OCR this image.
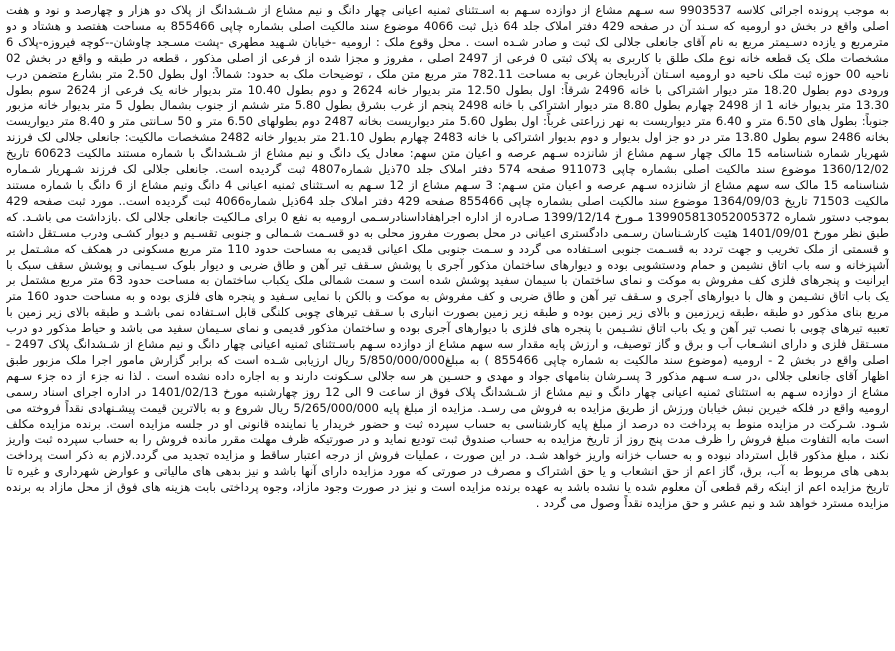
به موجب پرونده اجرائی کلاسه 9903537 سه سـهم مشاع از دوازده سـهم به اسـتثنای ثمنیه اعیانی چهار دانگ و نیم مشاع از شـشدانگ از پلاک دو هزار و چهارصد و نود و هفت اصلی واقع در بخش دو ارومیه که سـند آن در صفحه 429 دفتر املاک جلد 64 ذیل ثبت 4066 موضوع سند مالکیت اصلی بشماره چاپی 855466 به مساحت هفتصد و هشتاد و دو مترمربع و یازده دسـیمتر مربع به نام آقای جانعلی جلالی لک ثبت و صادر شـده است . محل وقوع ملک : ارومیه -خیابان شـهید مطهری -پشت مسـجد چاوشان--کوچه فیروزه-پلاک 6 مشخصات ملک یک قطعه خانه نوع ملک طلق با کاربری به پلاک ثبتی 0 فرعی از 2497 اصلی ، مفروز و مجزا شده از فرعی از اصلی مذکور ، قطعه در طبقه و واقع در بخش 02 ناحیه 00 حوزه ثبت ملک ناحیه دو ارومیه اسـتان آذربایجان غربی به مساحت 782.11 متر مربع متن ملک ، توضیحات ملک به حدود: شمالاً: اول بطول 2.50 متر بشارع متضمن درب ورودی دوم بطول 18.20 متر دیوار اشتراکی با خانه 2496 شرقاً: اول بطول 12.50 متر بدیوار خانه 2624 و دوم بطول 10.40 متر بدیوار خانه یک فرعی از 2624 سوم بطول 13.30 متر بدیوار خانه 1 از 2498 چهارم بطول 8.80 متر دیوار اشتراکی با خانه 2498 پنجم از غرب بشرق بطول 5.80 متر ششم از جنوب بشمال بطول 5 متر بدیوار خانه مزبور جنوباً: بطول های 6.50 متر و 6.40 متر دیواریست به نهر زراعتی غرباً: اول بطول 5.60 متر دیواریست بخانه 2487 دوم بطولهای 6.50 متر و 50 سـانتی متر و 8.40 متر دیواریست بخانه 2486 سوم بطول 13.80 متر در دو جز اول بدیوار و دوم بدیوار اشتراکی با خانه 2483 چهارم بطول 21.10 متر بدیوار خانه 2482 مشخصات مالکیت: جانعلی جلالی لک فرزند شهریار شماره شناسنامه 15 مالک چهار سـهم مشاع از شانزده سـهم عرصه و اعیان متن سهم: معادل یک دانگ و نیم مشاع از شـشدانگ با شماره مستند مالکیت 60623 تاریخ 1360/12/02 موضوع سند مالکیت اصلی بشماره چاپی 911073 صفحه 574 دفتر املاک جلد 70ذیل شماره4807 ثبت گردیده است. جانعلی جلالی لک فرزند شـهریار شـماره شناسنامه 15 مالک سه سهم مشاع از شانزده سـهم عرصه و اعیان متن سـهم: 3 سـهم مشاع از 12 سـهم به اسـتثنای ثمنیه اعیانی 4 دانگ ونیم مشاع از 6 دانگ با شماره مستند مالکیت 71503 تاریخ 1364/09/03 موضوع سند مالکیت اصلی بشماره چاپی 855466 صفحه 429 دفتر املاک جلد 64ذیل شماره4066 ثبت گردیده است.. مورد ثبت صفحه 429 بموجب دستور شماره 139905813052005372 مـورخ 1399/12/14 صـادره از اداره اجراهفاداسنادرسـمی ارومیه به نفع 0 برای مـالکیت جانعلی جلالی لک .بازداشت می باشـد. که طبق نظر مورخ 1401/09/01 هئیت کارشـناسان رسـمی دادگستری اعیانی در محل بصورت مفروز محلی به دو قسـمت شـمالی و جنوبی تقسـیم و دیوار کشـی ودرب مسـتقل داشته و قسمتی از ملک تخریب و جهت تردد به قسـمت جنوبی اسـتفاده می گردد و سـمت جنوبی ملک اعیانی قدیمی به مساحت حدود 110 متر مربع مسکونی در همکف که مشـتمل بر آشپزخانه و سه باب اتاق نشیمن و حمام ودستشویی بوده و دیوارهای ساختمان مذکور آجری با پوشش سـقف تیر آهن و طاق ضربی و دیوار بلوک سـیمانی و پوشش سقف سبک با ایرانیت و پنجرهای فلزی کف مفروش به موکت و نمای ساختمان با سیمان سفید پوشش شده است و سمت شمالی ملک یکباب ساختمان به مساحت حدود 63 متر مربع مشتمل بر یک باب اتاق نشـیمن و هال با دیوارهای آجری و سـقف تیر آهن و طاق ضربی و کف مفروش به موکت و بالکن با نمایی سـفید و پنجره های فلزی بوده و به مساحت حدود 160 متر مربع بنای مذکور دو طبقه ،طبقه زیرزمین و بالای زیر زمین بوده و طبقه زیر زمین بصورت انباری با سـقف تیرهای چوبی کلنگی قابل اسـتفاده نمی باشـد و طبقه بالای زیر زمین با تعبیه تیرهای چوبی با نصب تیر آهن و یک باب اتاق نشـیمن با پنجره های فلزی با دیوارهای آجری بوده و ساختمان مذکور قدیمی و نمای سـیمان سفید می باشد و حیاط مذکور دو درب مسـتقل فلزی و دارای انشـعاب آب و برق و گاز توصیف، و ارزش پایه مقدار سه سهم مشاع از دوازده سـهم باسـتثنای ثمنیه اعیانی چهار دانگ و نیم مشاع از شـشدانگ پلاک 2497 - اصلی واقع در بخش 2 - ارومیه (موضوع سند مالکیت به شماره چاپی 855466 ) به مبلغ5/850/000/000 ریال ارزیابی شـده است که برابر گزارش مامور اجرا ملک مزبور طبق اظهار آقای جانعلی جلالی ،در سـه سـهم مذکور 3 پسـرشان بنامهای جواد و مهدی و حسـین هر سه جلالی سـکونت دارند و به اجاره داده نشده است . لذا نه جزء از ده جزء سـهم مشاع از دوازده سـهم به استثنای ثمنیه اعیانی چهار دانگ و نیم مشاع از شـشدانگ پلاک فوق از ساعت 9 الی 12 روز چهارشنبه مورخ 1401/02/13 در اداره اجرای اسناد رسمی ارومیه واقع در فلکه خیرین نبش خیابان ورزش از طریق مزایده به فروش می رسـد. مزایده از مبلغ پایه 5/265/000/000 ریال شروع و به بالاترین قیمت پیشـنهادی نقداً فروخته می شـود. شـرکت در مزایده منوط به پرداخت ده درصد از مبلغ پایه کارشناسی به حساب سپرده ثبت و حضور خریدار یا نماینده قانونی او در جلسه مزایده است. برنده مزایده مکلف است مابه التفاوت مبلغ فروش را ظرف مدت پنج روز از تاریخ مزایده به حساب صندوق ثبت تودیع نماید و در صورتیکه ظرف مهلت مقرر مانده فروش را به حساب سپرده ثبت واریز نکند ، مبلغ مذکور قابل استرداد نبوده و به حساب خزانه واریز خواهد شـد. در این صورت ، عملیات فروش از درجه اعتبار ساقط و مزایده تجدید می گردد.لازم به ذکر است پرداخت بدهی های مربوط به آب، برق، گاز اعم از حق انشعاب و یا حق اشتراک و مصرف در صورتی که مورد مزایده دارای آنها باشد و نیز بدهی های مالیاتی و عوارض شهرداری و غیره تا تاریخ مزایده اعم از اینکه رقم قطعی آن معلوم شده یا نشده باشد به عهده برنده مزایده است و نیز در صورت وجود مازاد، وجوه پرداختی بابت هزینه های فوق از محل مازاد به برنده مزایده مسترد خواهد شد و نیم عشر و حق مزایده نقداً وصول می گردد .
